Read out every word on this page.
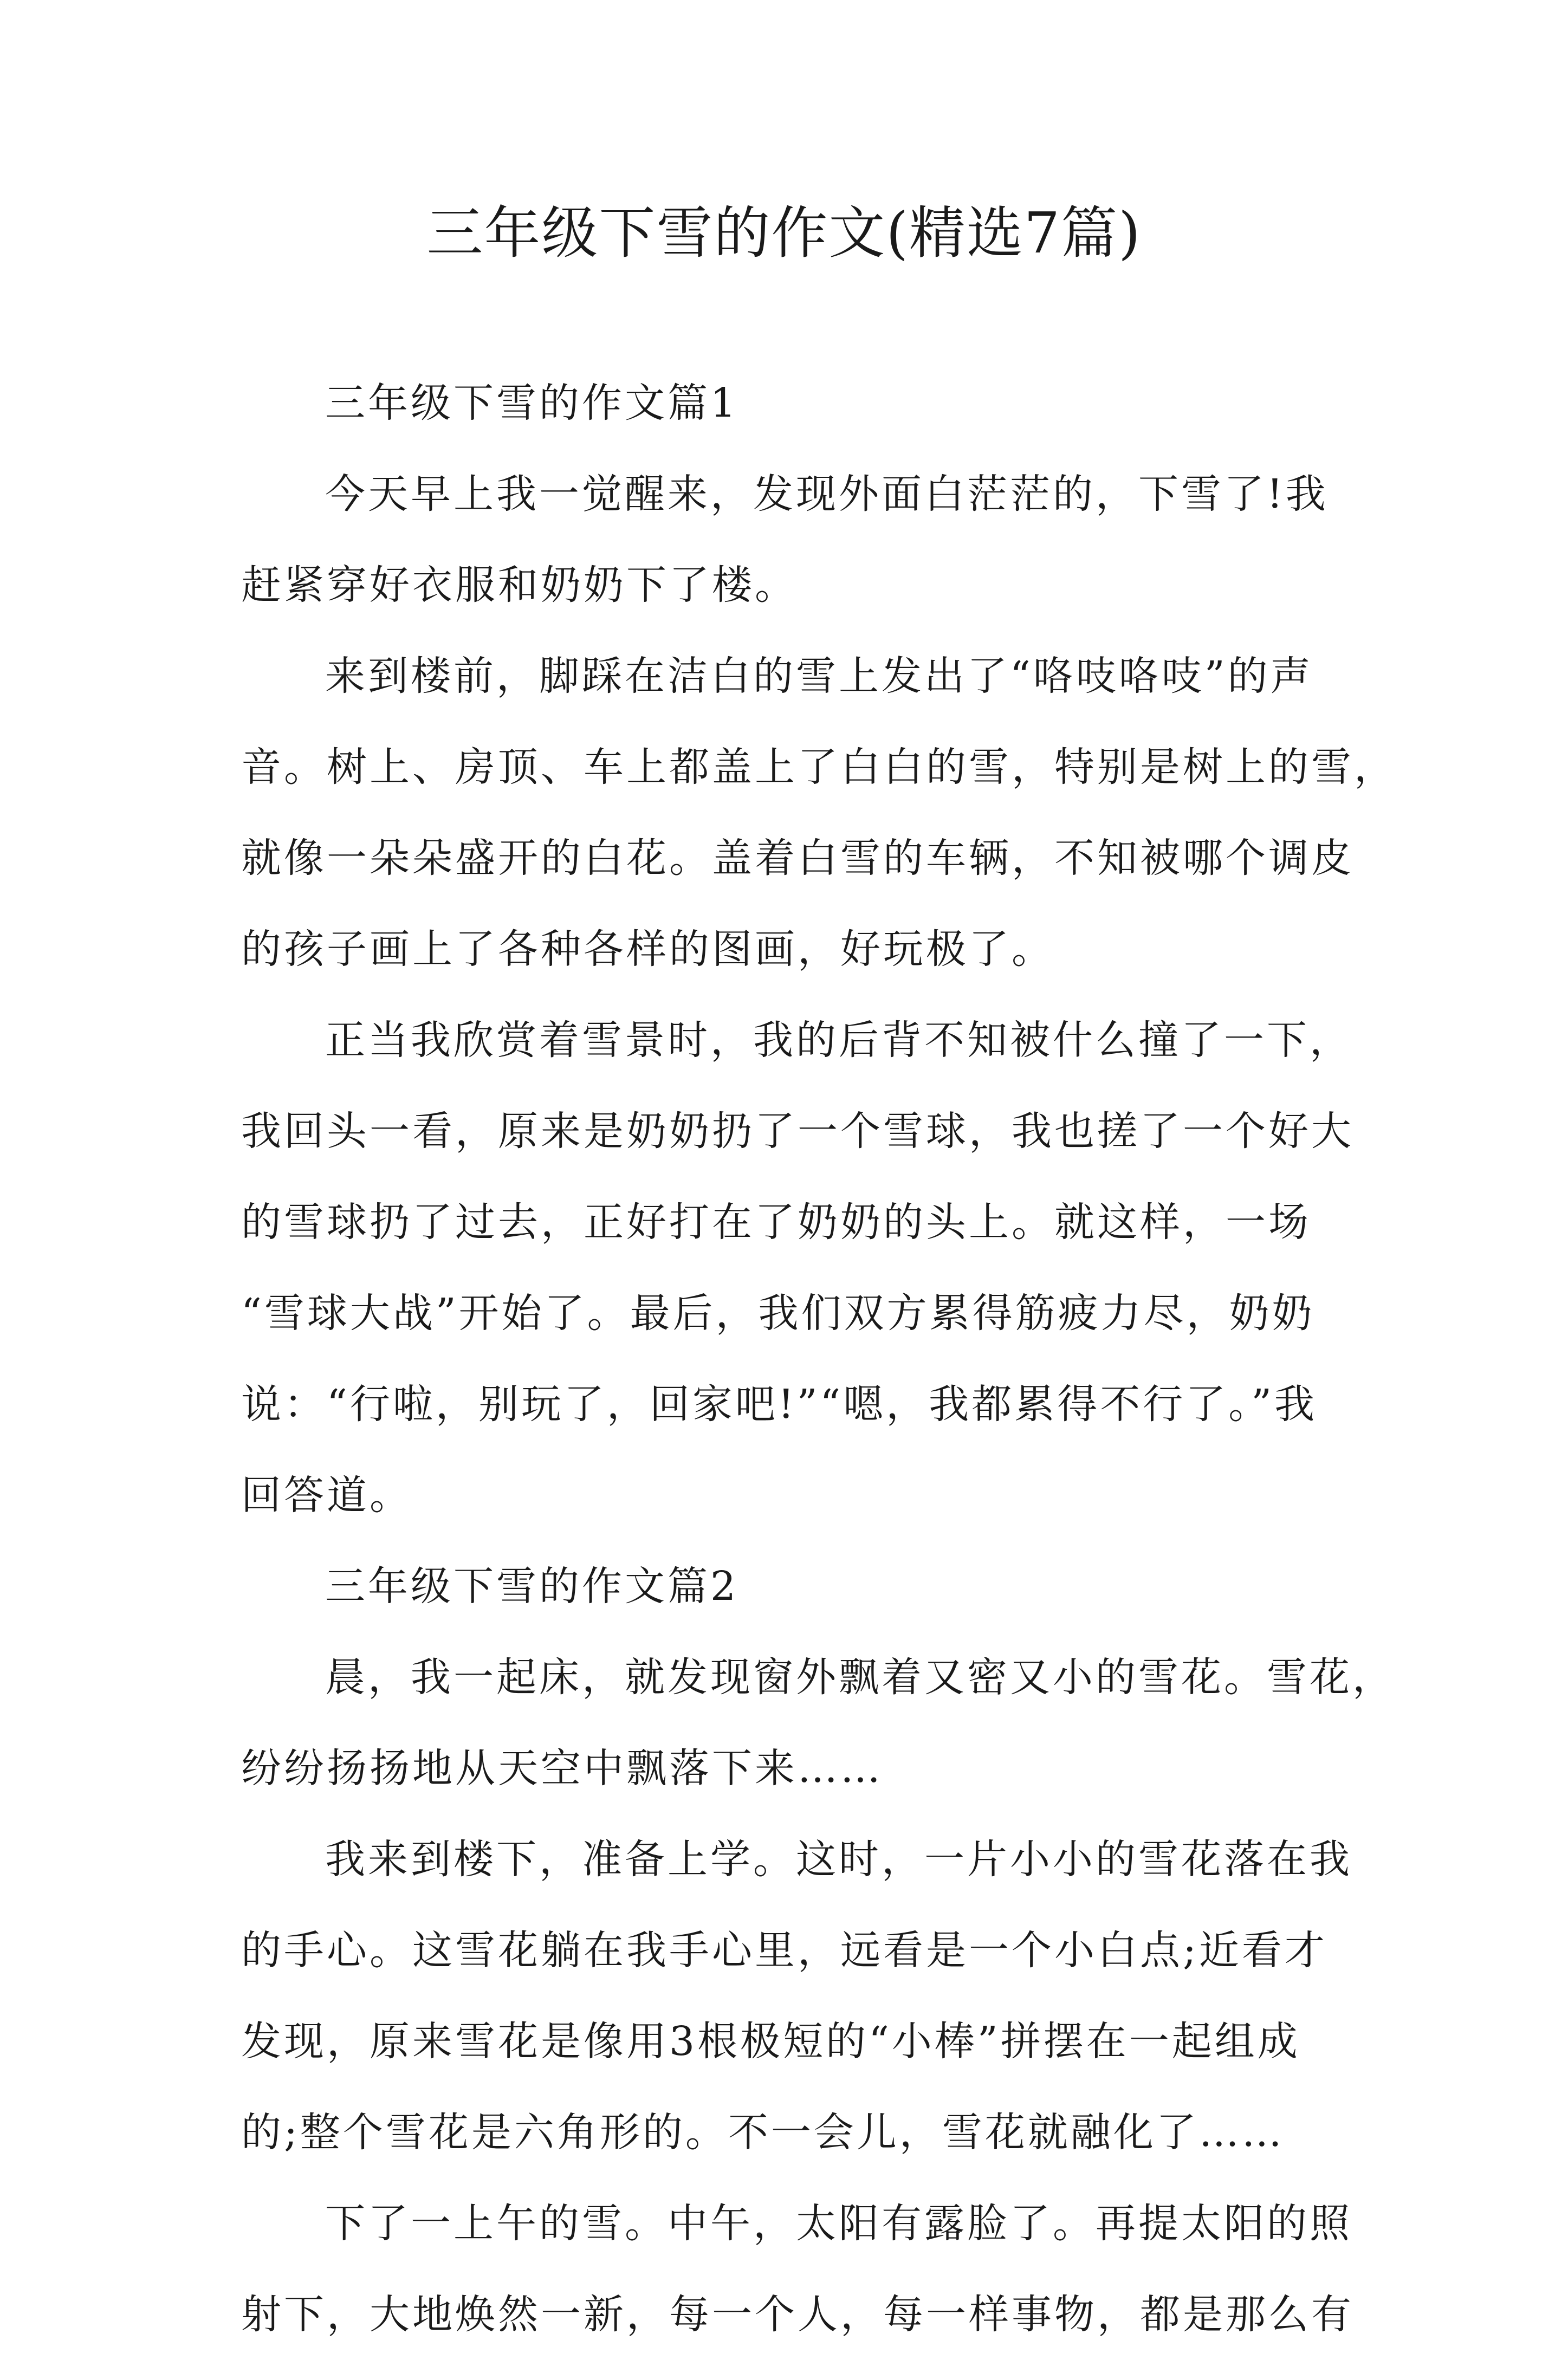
三年级下雪的作文(精选7篇)
三年级下雪的作文篇1
今天早上我一觉醒来，发现外面白茫茫的，下雪了!我
赶紧穿好衣服和奶奶下了楼。
来到楼前，脚踩在洁白的雪上发出了“咯吱咯吱”的声
音。树上、房顶、车上都盖上了白白的雪，特别是树上的雪，
就像一朵朵盛开的白花。盖着白雪的车辆，不知被哪个调皮
的孩子画上了各种各样的图画，好玩极了。
正当我欣赏着雪景时，我的后背不知被什么撞了一下，
我回头一看，原来是奶奶扔了一个雪球，我也搓了一个好大
的雪球扔了过去，正好打在了奶奶的头上。就这样，一场
“雪球大战”开始了。最后，我们双方累得筋疲力尽，奶奶
说：“行啦，别玩了，回家吧!”“嗯，我都累得不行了。”我
回答道。
三年级下雪的作文篇2
晨，我一起床，就发现窗外飘着又密又小的雪花。雪花，
纷纷扬扬地从天空中飘落下来……
我来到楼下，准备上学。这时，一片小小的雪花落在我
的手心。这雪花躺在我手心里，远看是一个小白点;近看才
发现，原来雪花是像用3根极短的“小棒”拼摆在一起组成
的;整个雪花是六角形的。不一会儿，雪花就融化了……
下了一上午的雪。中午，太阳有露脸了。再提太阳的照
射下，大地焕然一新，每一个人，每一样事物，都是那么有
